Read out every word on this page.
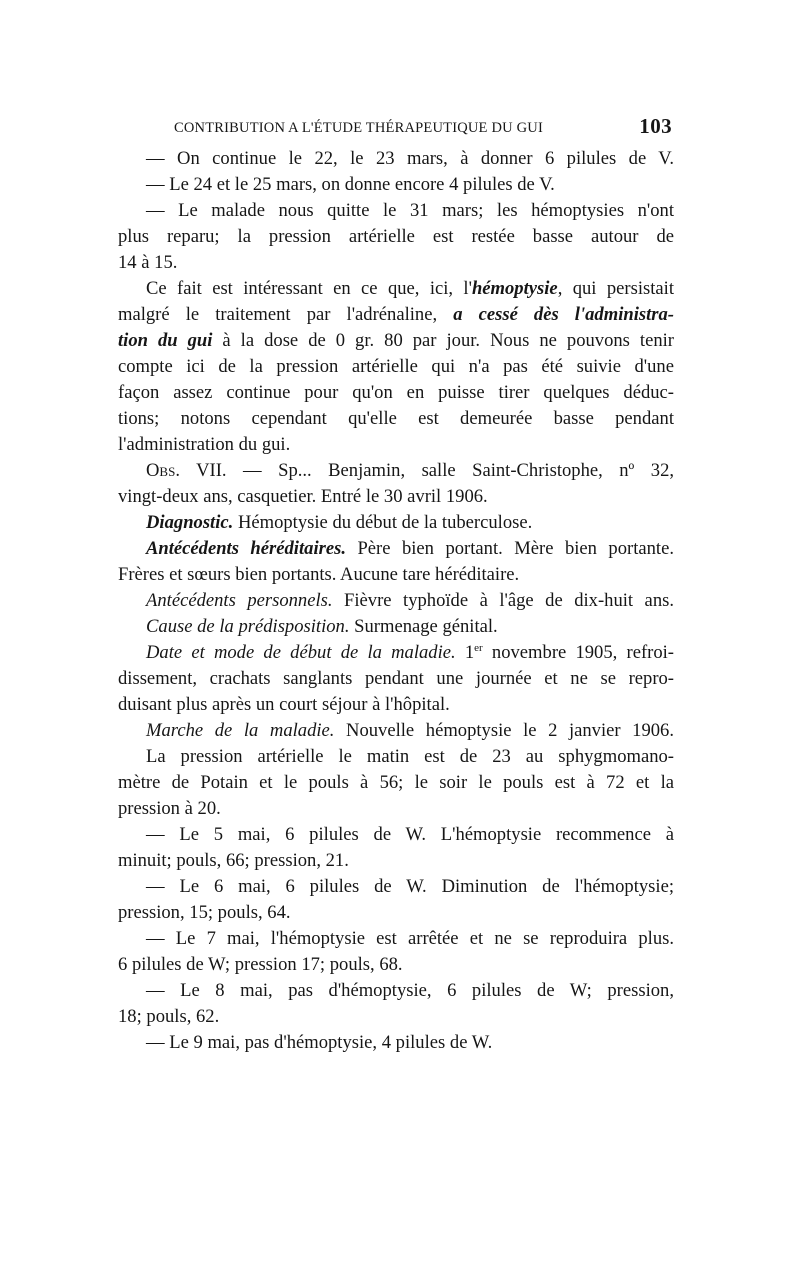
CONTRIBUTION A L'ÉTUDE THÉRAPEUTIQUE DU GUI	103
— On continue le 22, le 23 mars, à donner 6 pilules de V.
— Le 24 et le 25 mars, on donne encore 4 pilules de V.
— Le malade nous quitte le 31 mars; les hémoptysies n'ont
plus reparu; la pression artérielle est restée basse autour de
14 à 15.
Ce fait est intéressant en ce que, ici, l'hémoptysie, qui persistait
malgré le traitement par l'adrénaline, a cessé dès l'administra-
tion du gui à la dose de 0 gr. 80 par jour. Nous ne pouvons tenir
compte ici de la pression artérielle qui n'a pas été suivie d'une
façon assez continue pour qu'on en puisse tirer quelques déduc-
tions; notons cependant qu'elle est demeurée basse pendant
l'administration du gui.
Obs. VII. — Sp... Benjamin, salle Saint-Christophe, nº 32,
vingt-deux ans, casquetier. Entré le 30 avril 1906.
Diagnostic. Hémoptysie du début de la tuberculose.
Antécédents héréditaires. Père bien portant. Mère bien portante.
Frères et sœurs bien portants. Aucune tare héréditaire.
Antécédents personnels. Fièvre typhoïde à l'âge de dix-huit ans.
Cause de la prédisposition. Surmenage génital.
Date et mode de début de la maladie. 1er novembre 1905, refroi-
dissement, crachats sanglants pendant une journée et ne se repro-
duisant plus après un court séjour à l'hôpital.
Marche de la maladie. Nouvelle hémoptysie le 2 janvier 1906.
La pression artérielle le matin est de 23 au sphygmomano-
mètre de Potain et le pouls à 56; le soir le pouls est à 72 et la
pression à 20.
— Le 5 mai, 6 pilules de W. L'hémoptysie recommence à
minuit; pouls, 66; pression, 21.
— Le 6 mai, 6 pilules de W. Diminution de l'hémoptysie;
pression, 15; pouls, 64.
— Le 7 mai, l'hémoptysie est arrêtée et ne se reproduira plus.
6 pilules de W; pression 17; pouls, 68.
— Le 8 mai, pas d'hémoptysie, 6 pilules de W; pression,
18; pouls, 62.
— Le 9 mai, pas d'hémoptysie, 4 pilules de W.
